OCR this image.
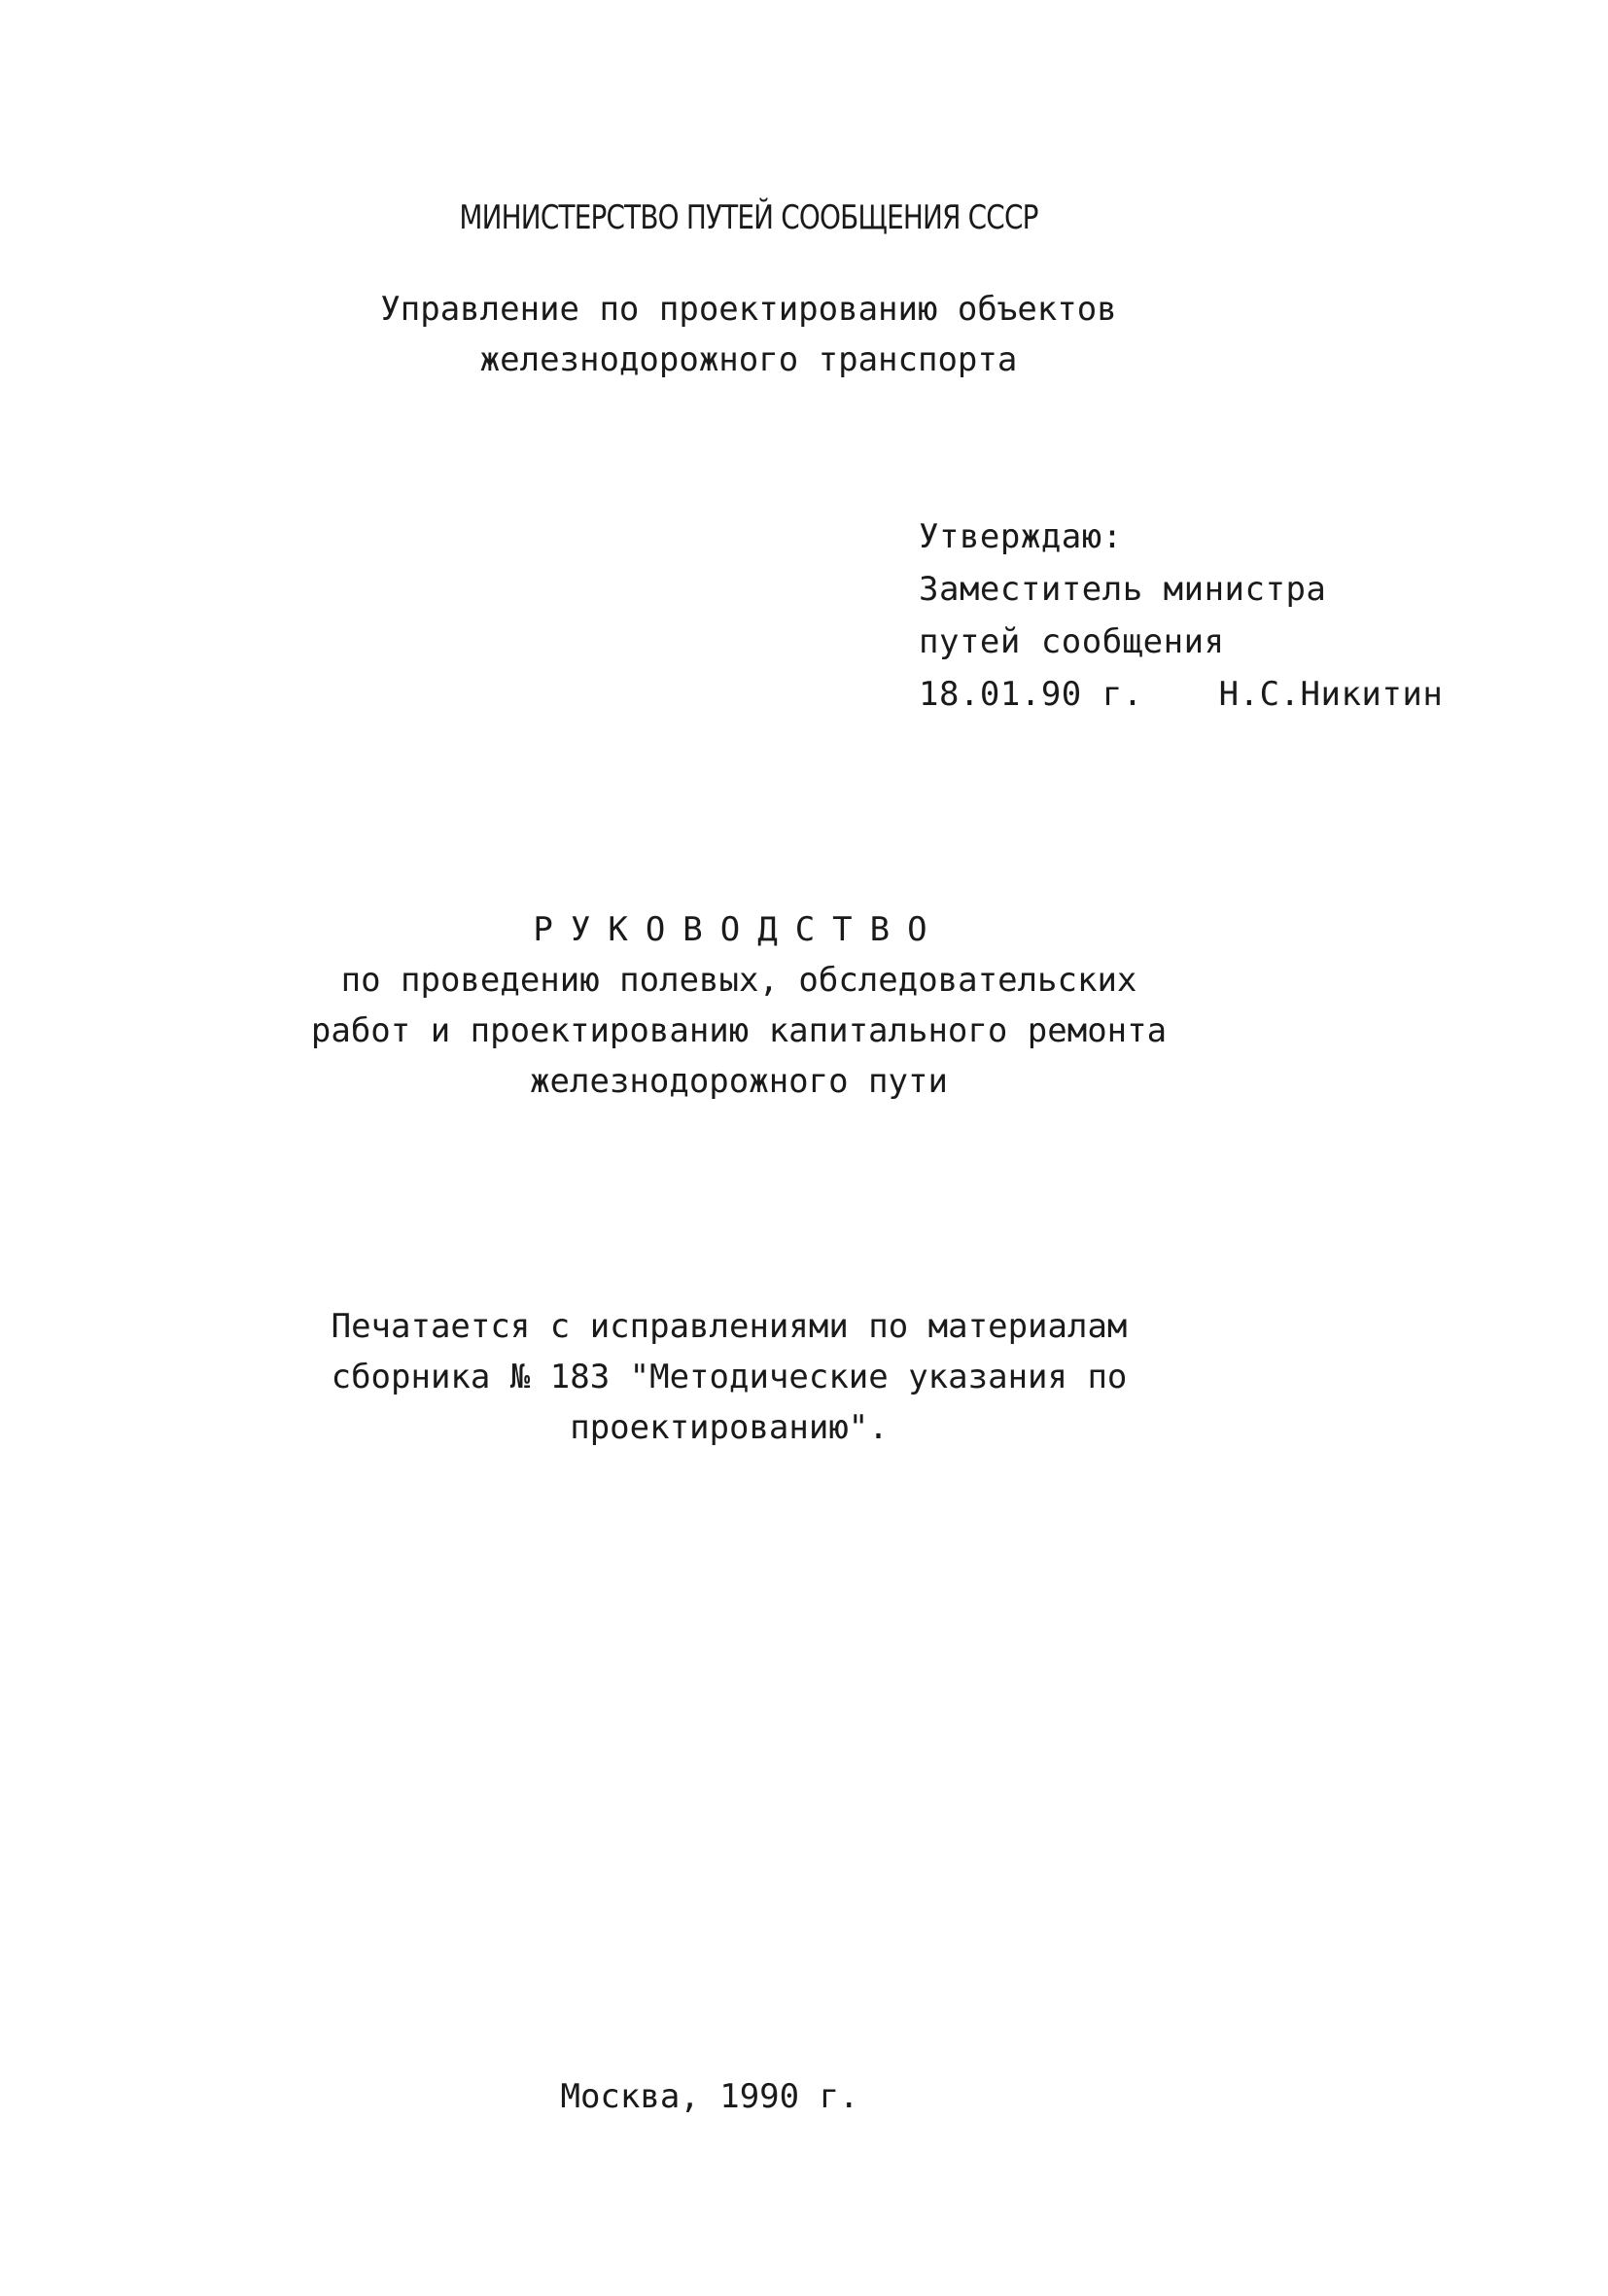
МИНИСТЕРСТВО ПУТЕЙ СООБЩЕНИЯ СССР
Управление по проектированию объектов
железнодорожного транспорта
Утверждаю:
Заместитель министра
путей сообщения
18.01.90 г. Н.С.Никитин
РУКОВОДСТВО
по проведению полевых, обследовательских
работ и проектированию капитального ремонта
железнодорожного пути
Печатается с исправлениями по материалам
сборника № 183 "Методические указания по
проектированию".
Москва, 1990 г.
